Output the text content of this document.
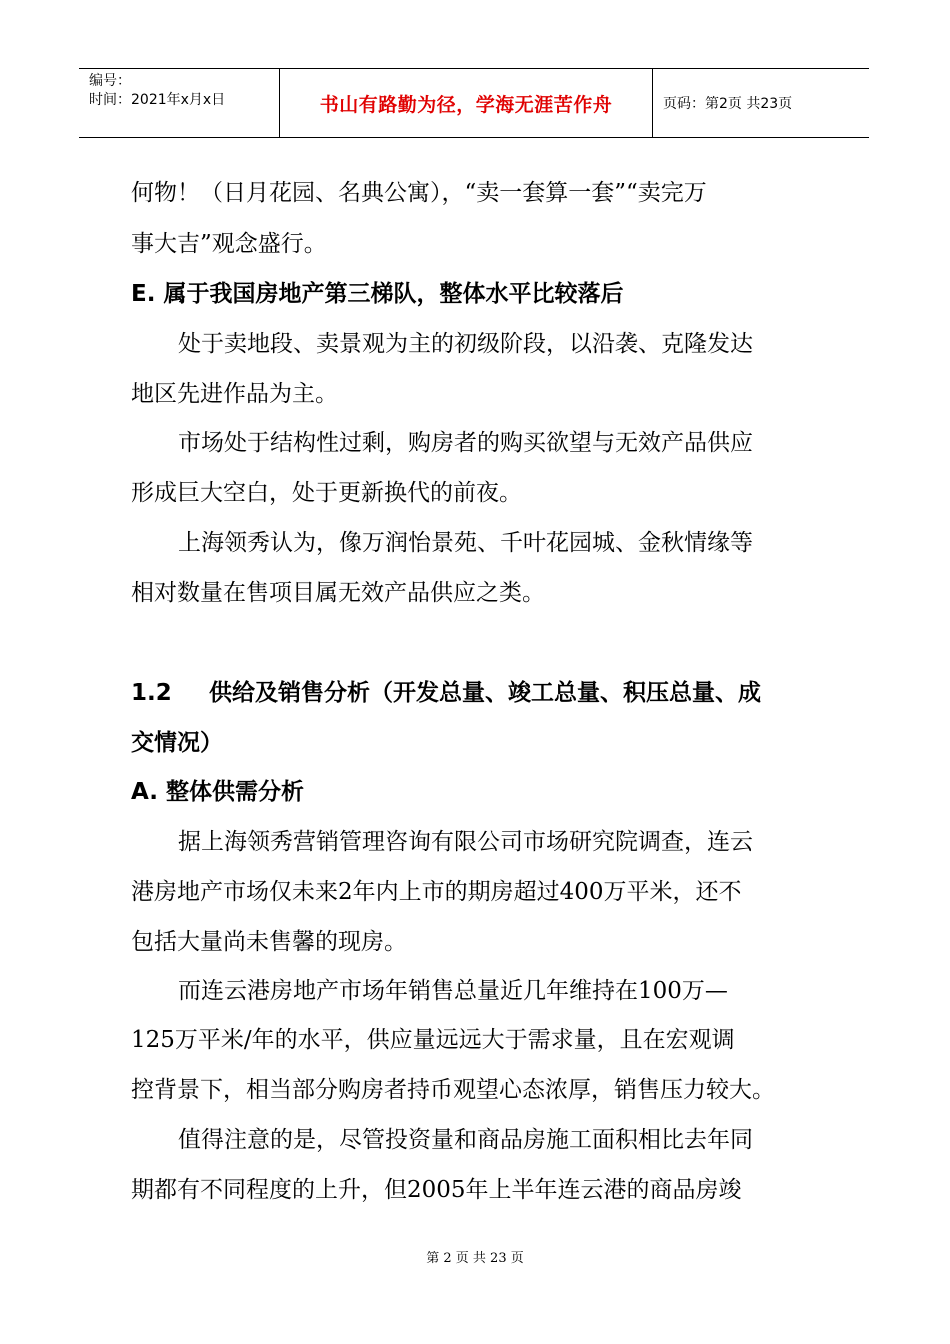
编号：
时间：2021年x月x日	书山有路勤为径，学海无涯苦作舟	页码：第2页 共23页

何物！（日月花园、名典公寓），“卖一套算一套”“卖完万

事大吉”观念盛行。

E. 属于我国房地产第三梯队，整体水平比较落后

处于卖地段、卖景观为主的初级阶段，以沿袭、克隆发达

地区先进作品为主。

市场处于结构性过剩，购房者的购买欲望与无效产品供应

形成巨大空白，处于更新换代的前夜。

上海领秀认为，像万润怡景苑、千叶花园城、金秋情缘等

相对数量在售项目属无效产品供应之类。

1.2 供给及销售分析（开发总量、竣工总量、积压总量、成

交情况）

A. 整体供需分析

据上海领秀营销管理咨询有限公司市场研究院调查，连云

港房地产市场仅未来2年内上市的期房超过400万平米，还不

包括大量尚未售馨的现房。

而连云港房地产市场年销售总量近几年维持在100万—

125万平米/年的水平，供应量远远大于需求量，且在宏观调

控背景下，相当部分购房者持币观望心态浓厚，销售压力较大。

值得注意的是，尽管投资量和商品房施工面积相比去年同

期都有不同程度的上升，但2005年上半年连云港的商品房竣

第 2 页 共 23 页
